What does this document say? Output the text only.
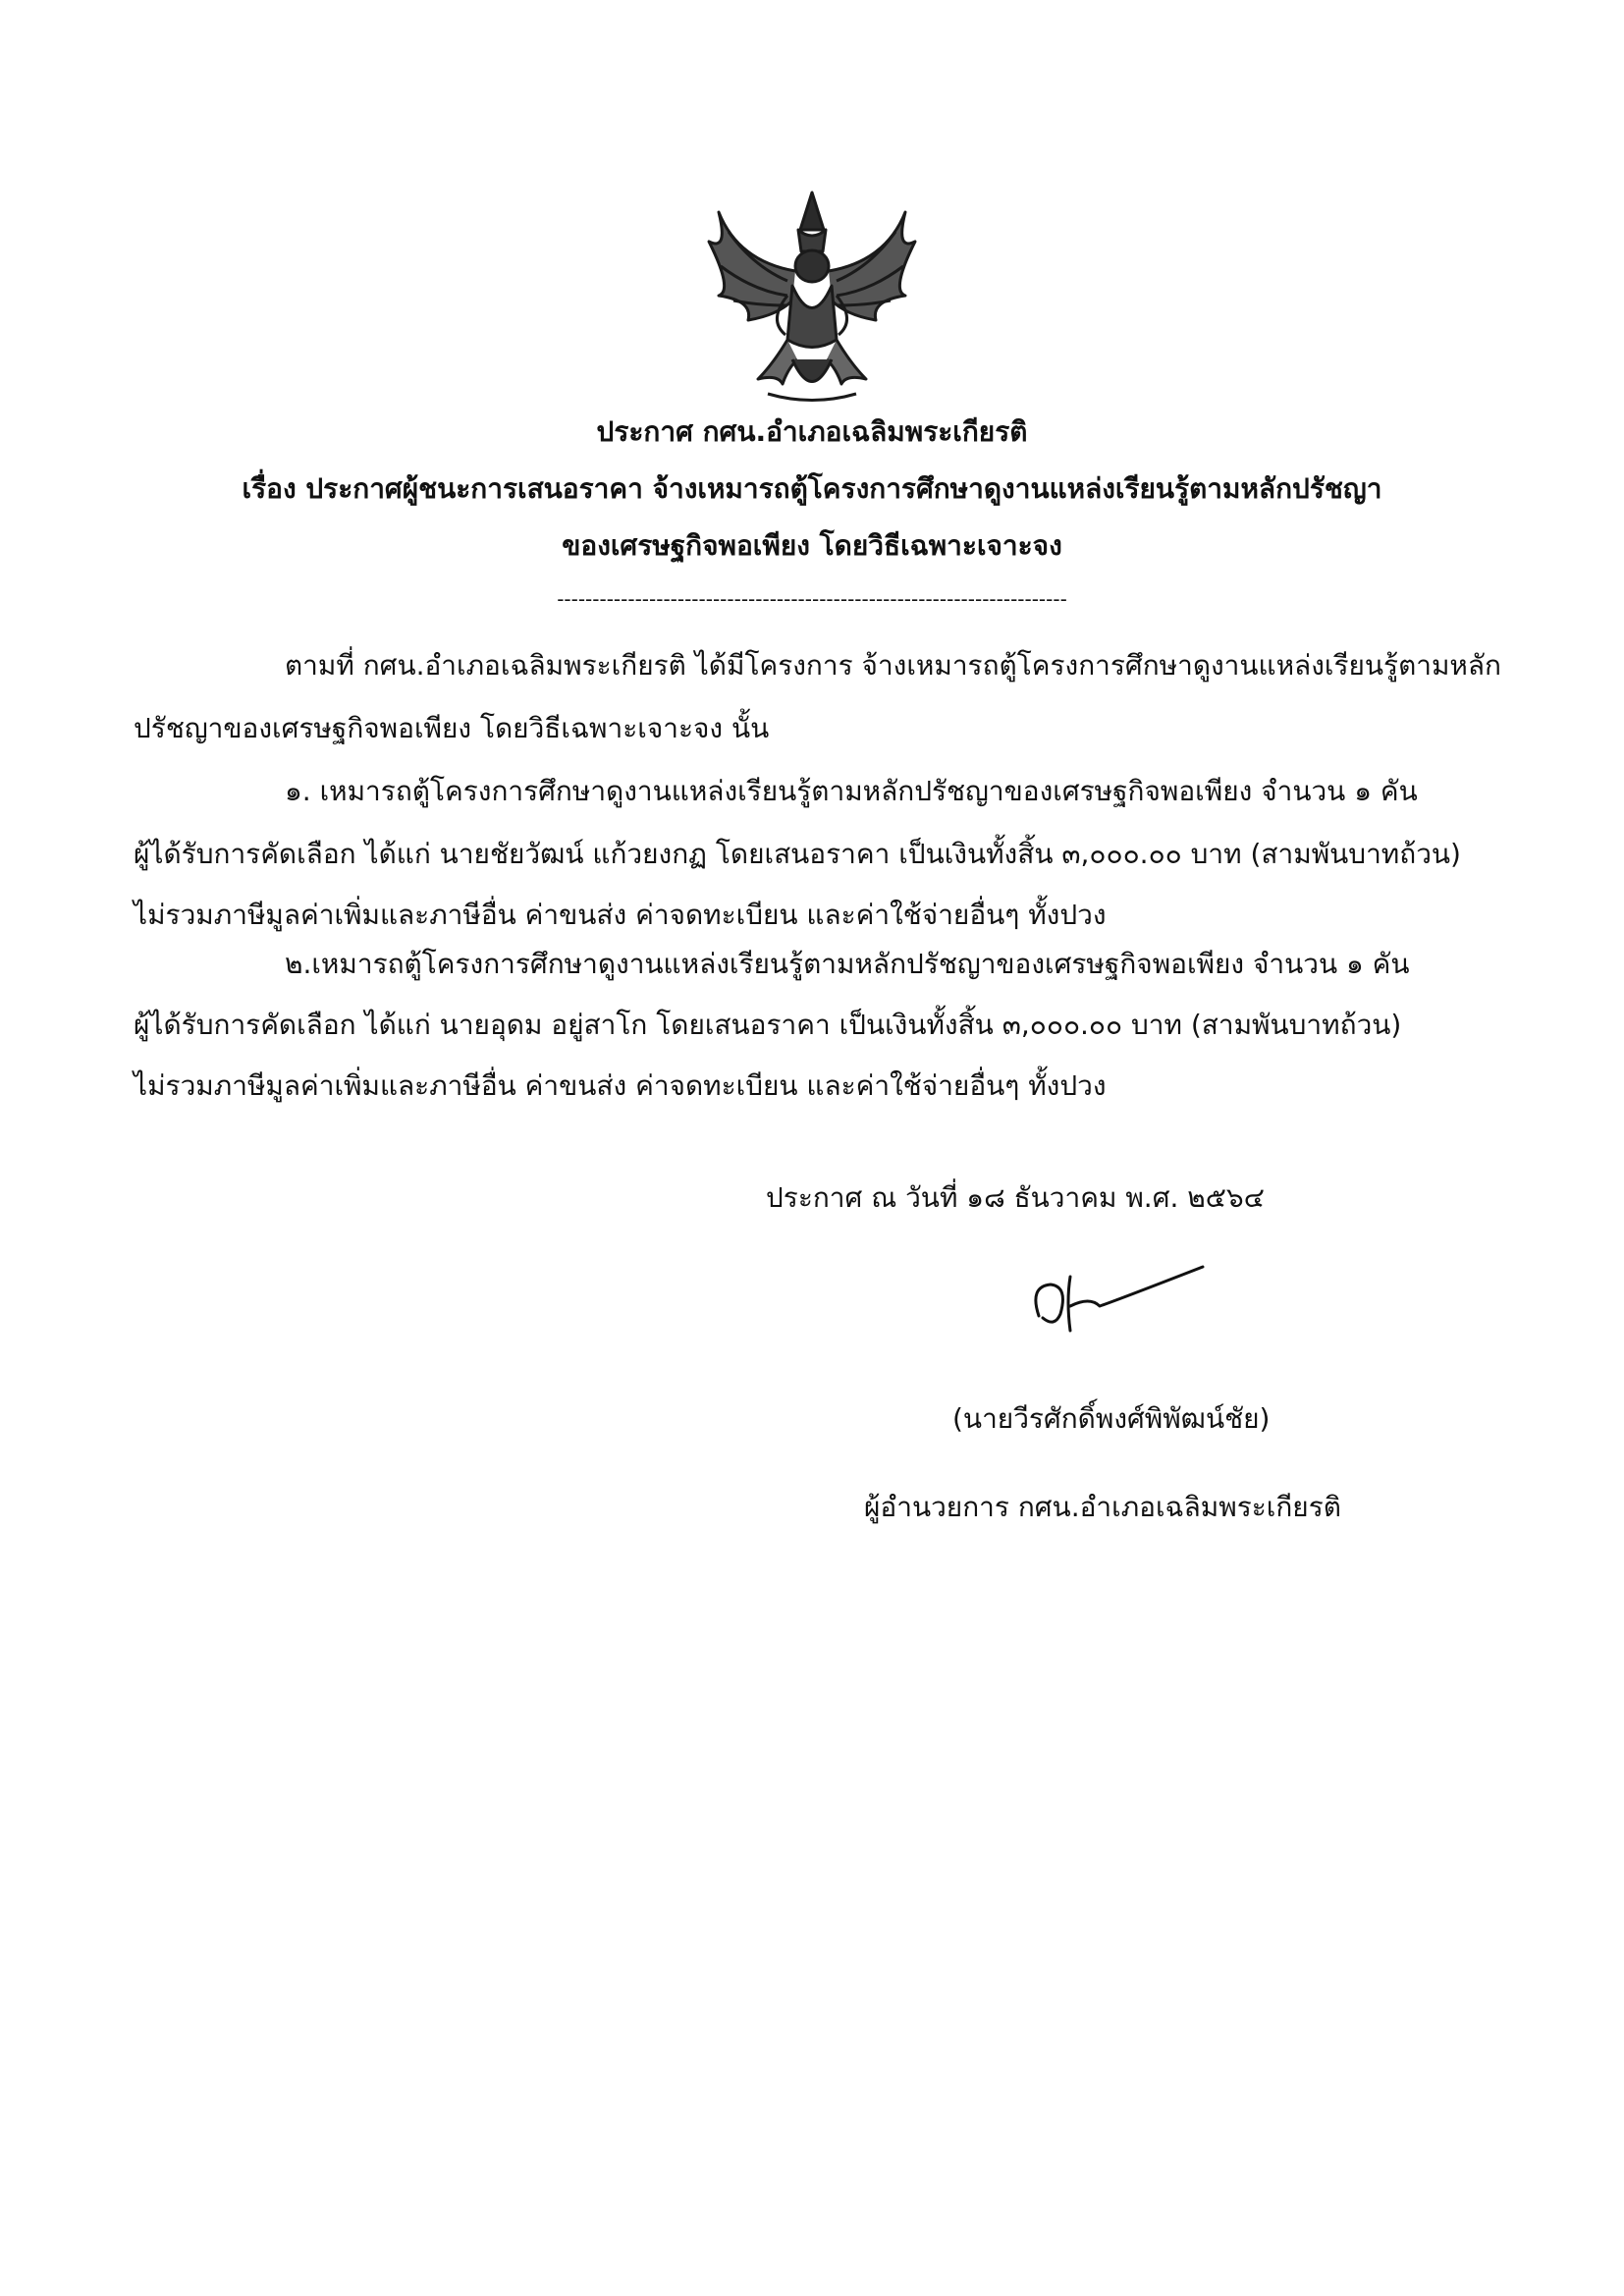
ประกาศ กศน.อำเภอเฉลิมพระเกียรติ
เรื่อง ประกาศผู้ชนะการเสนอราคา จ้างเหมารถตู้โครงการศึกษาดูงานแหล่งเรียนรู้ตามหลักปรัชญา
ของเศรษฐกิจพอเพียง โดยวิธีเฉพาะเจาะจง
------------------------------------------------------------------------
ตามที่ กศน.อำเภอเฉลิมพระเกียรติ ได้มีโครงการ จ้างเหมารถตู้โครงการศึกษาดูงานแหล่งเรียนรู้ตามหลัก
ปรัชญาของเศรษฐกิจพอเพียง โดยวิธีเฉพาะเจาะจง นั้น
๑. เหมารถตู้โครงการศึกษาดูงานแหล่งเรียนรู้ตามหลักปรัชญาของเศรษฐกิจพอเพียง จำนวน ๑ คัน
ผู้ได้รับการคัดเลือก ได้แก่ นายชัยวัฒน์ แก้วยงกฏ โดยเสนอราคา เป็นเงินทั้งสิ้น ๓,๐๐๐.๐๐ บาท (สามพันบาทถ้วน)
ไม่รวมภาษีมูลค่าเพิ่มและภาษีอื่น ค่าขนส่ง ค่าจดทะเบียน และค่าใช้จ่ายอื่นๆ ทั้งปวง
๒.เหมารถตู้โครงการศึกษาดูงานแหล่งเรียนรู้ตามหลักปรัชญาของเศรษฐกิจพอเพียง จำนวน ๑ คัน
ผู้ได้รับการคัดเลือก ได้แก่ นายอุดม อยู่สาโก โดยเสนอราคา เป็นเงินทั้งสิ้น ๓,๐๐๐.๐๐ บาท (สามพันบาทถ้วน)
ไม่รวมภาษีมูลค่าเพิ่มและภาษีอื่น ค่าขนส่ง ค่าจดทะเบียน และค่าใช้จ่ายอื่นๆ ทั้งปวง
ประกาศ ณ วันที่ ๑๘ ธันวาคม พ.ศ. ๒๕๖๔
(นายวีรศักดิ์พงศ์พิพัฒน์ชัย)
ผู้อำนวยการ กศน.อำเภอเฉลิมพระเกียรติ
